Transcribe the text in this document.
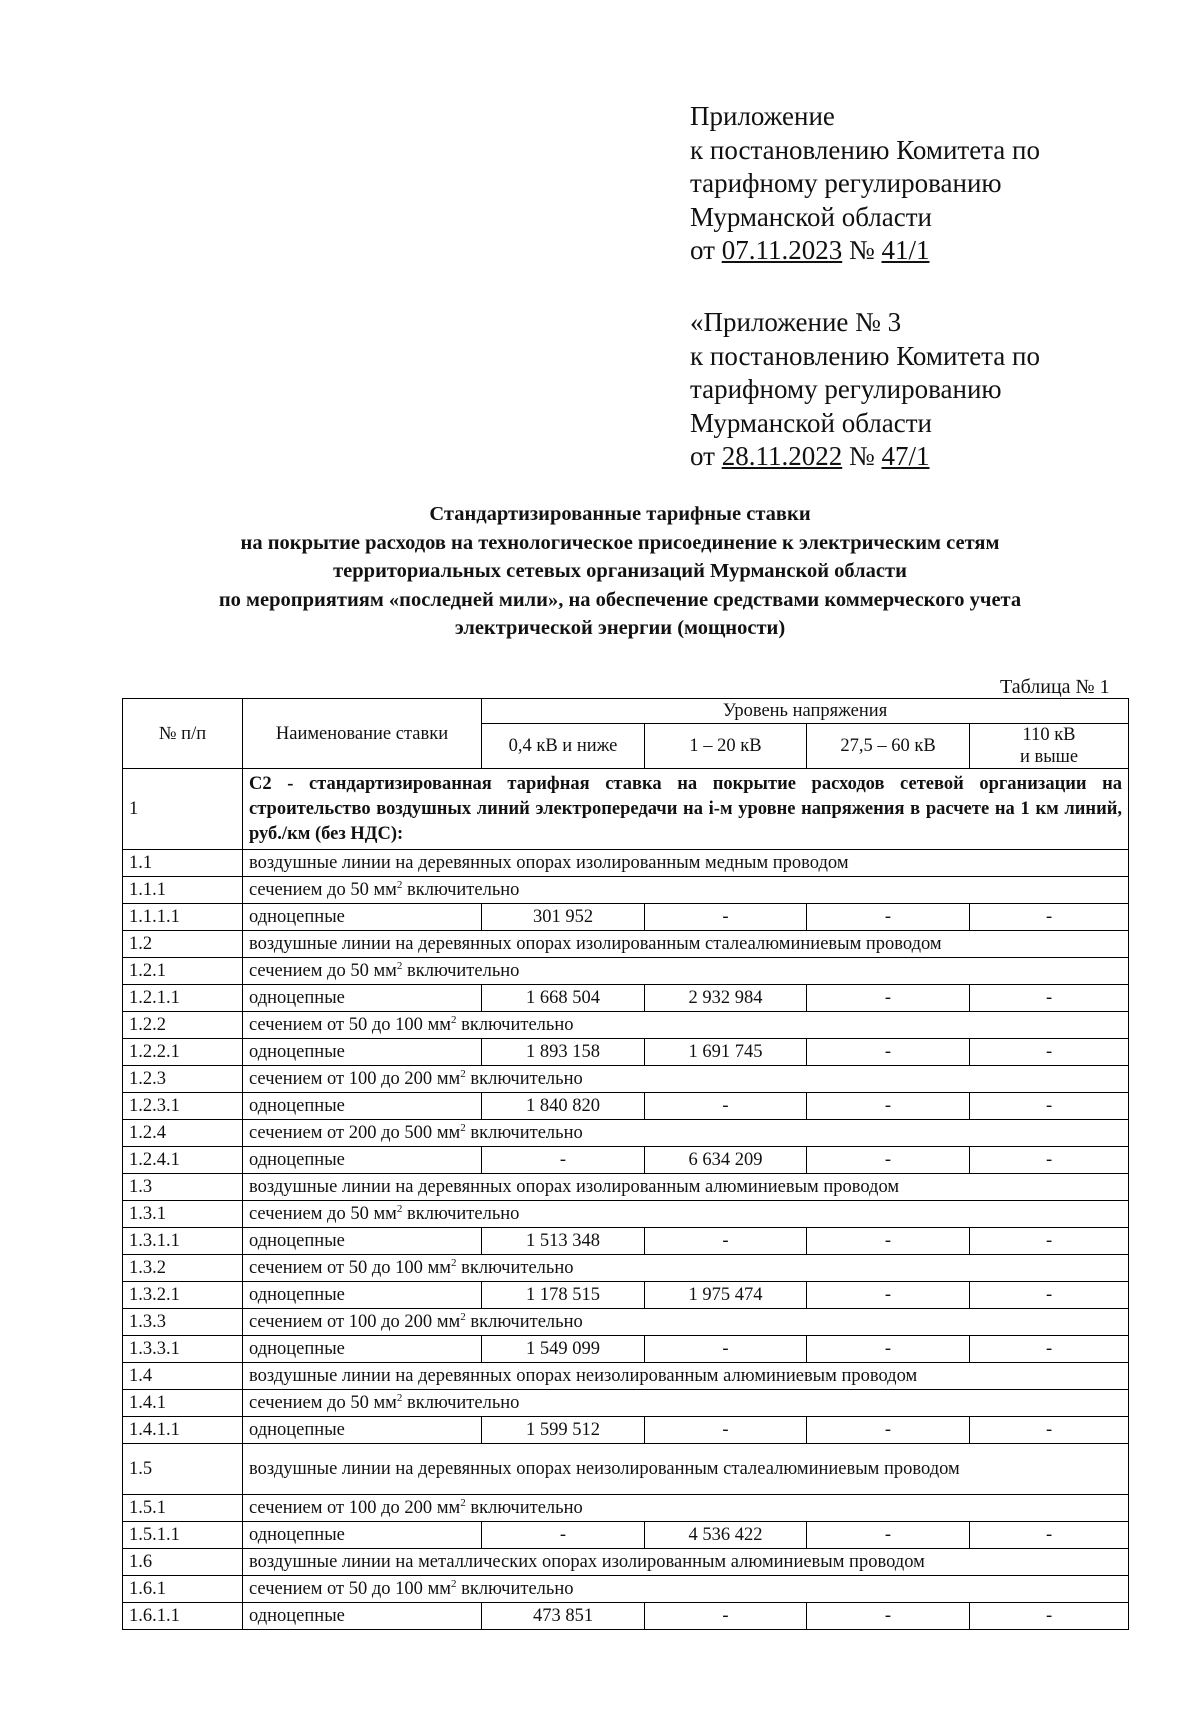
Приложение
к постановлению Комитета по
тарифному регулированию
Мурманской области
от 07.11.2023 № 41/1
«Приложение № 3
к постановлению Комитета по
тарифному регулированию
Мурманской области
от 28.11.2022 № 47/1
Стандартизированные тарифные ставки
на покрытие расходов на технологическое присоединение к электрическим сетям
территориальных сетевых организаций Мурманской области
по мероприятиям «последней мили», на обеспечение средствами коммерческого учета
электрической энергии (мощности)
Таблица № 1
№ п/п	Наименование ставки	Уровень напряжения			
		0,4 кВ и ниже	1 – 20 кВ	27,5 – 60 кВ	110 кВ
и выше
1	С2 - стандартизированная тарифная ставка на покрытие расходов сетевой организации на строительство воздушных линий электропередачи на i-м уровне напряжения в расчете на 1 км линий, руб./км (без НДС):				
1.1	воздушные линии на деревянных опорах изолированным медным проводом				
1.1.1	сечением до 50 $мм^2$ включительно				
1.1.1.1	одноцепные	301 952	-	-	-
1.2	воздушные линии на деревянных опорах изолированным сталеалюминиевым проводом				
1.2.1	сечением до 50 $мм^2$ включительно				
1.2.1.1	одноцепные	1 668 504	2 932 984	-	-
1.2.2	сечением от 50 до 100 $мм^2$ включительно				
1.2.2.1	одноцепные	1 893 158	1 691 745	-	-
1.2.3	сечением от 100 до 200 $мм^2$ включительно				
1.2.3.1	одноцепные	1 840 820	-	-	-
1.2.4	сечением от 200 до 500 $мм^2$ включительно				
1.2.4.1	одноцепные	-	6 634 209	-	-
1.3	воздушные линии на деревянных опорах изолированным алюминиевым проводом				
1.3.1	сечением до 50 $мм^2$ включительно				
1.3.1.1	одноцепные	1 513 348	-	-	-
1.3.2	сечением от 50 до 100 $мм^2$ включительно				
1.3.2.1	одноцепные	1 178 515	1 975 474	-	-
1.3.3	сечением от 100 до 200 $мм^2$ включительно				
1.3.3.1	одноцепные	1 549 099	-	-	-
1.4	воздушные линии на деревянных опорах неизолированным алюминиевым проводом				
1.4.1	сечением до 50 $мм^2$ включительно				
1.4.1.1	одноцепные	1 599 512	-	-	-
1.5	воздушные линии на деревянных опорах неизолированным сталеалюминиевым проводом				
1.5.1	сечением от 100 до 200 $мм^2$ включительно				
1.5.1.1	одноцепные	-	4 536 422	-	-
1.6	воздушные линии на металлических опорах изолированным алюминиевым проводом				
1.6.1	сечением от 50 до 100 $мм^2$ включительно				
1.6.1.1	одноцепные	473 851	-	-	-
